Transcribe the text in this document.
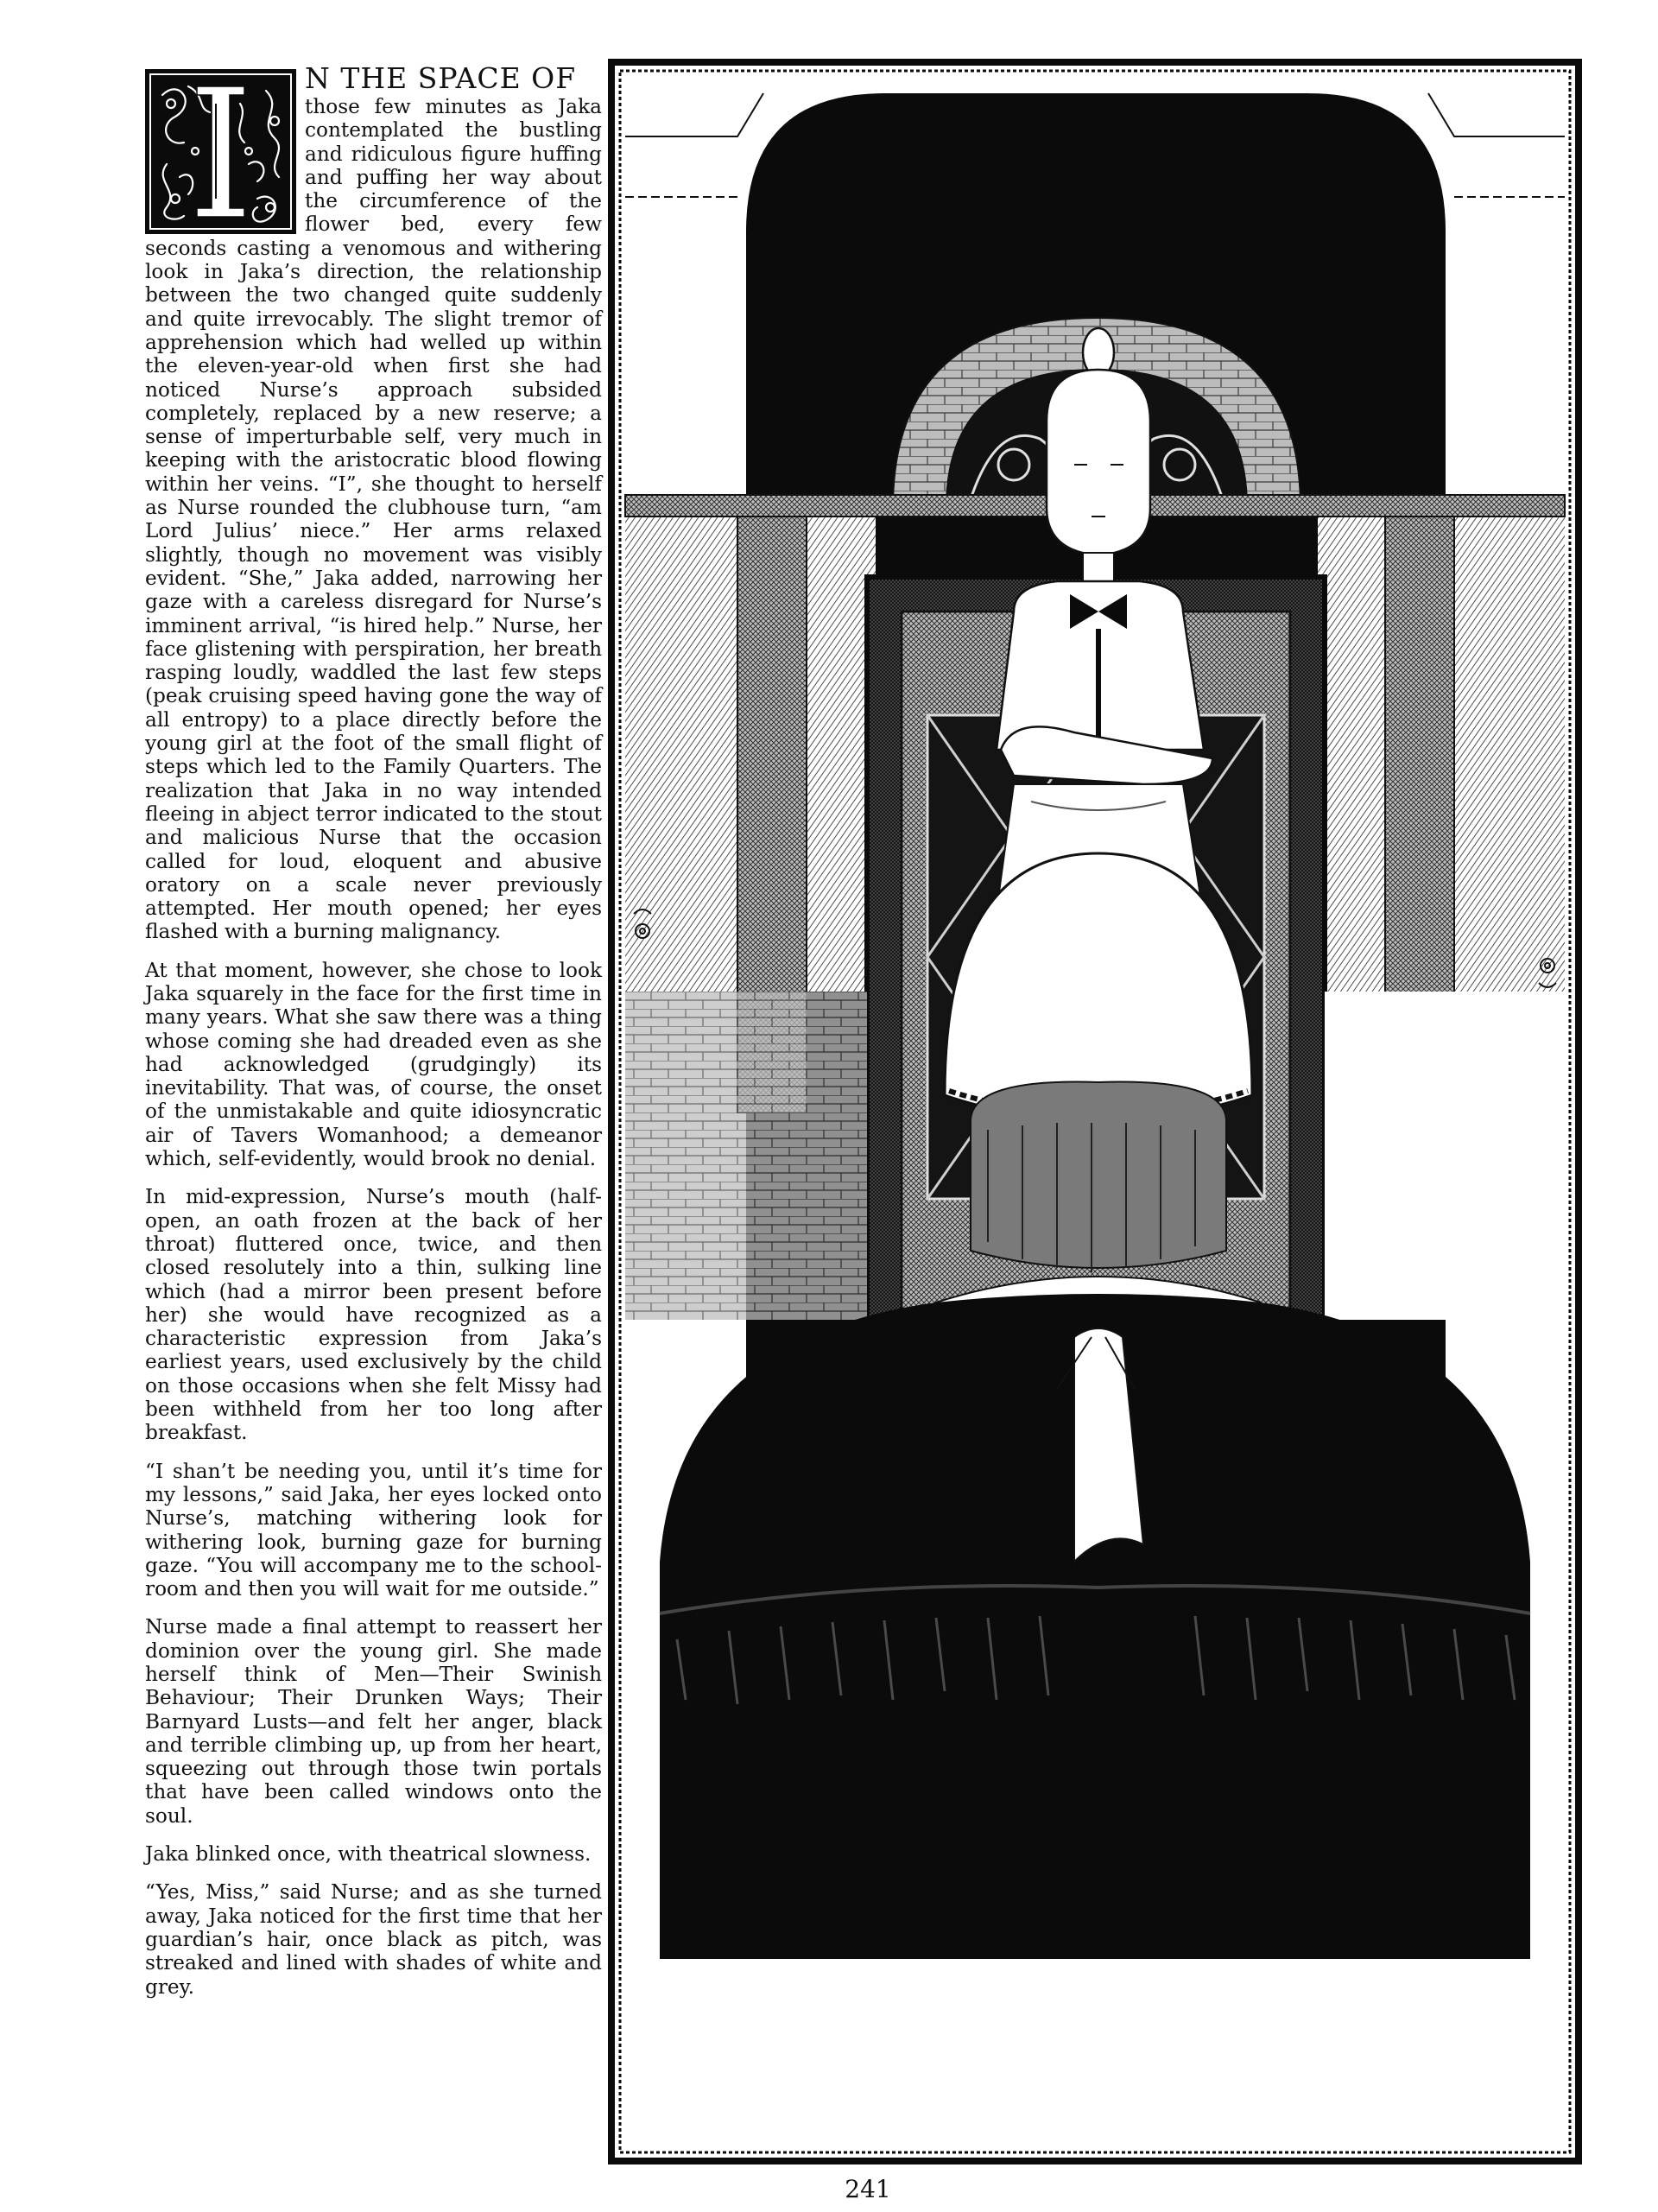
N THE SPACE OF those few minutes as Jaka contemplated the bustling and ridiculous figure huffing and puffing her way about the circumference of the flower bed, every few seconds casting a venomous and withering look in Jaka’s direction, the relationship between the two changed quite suddenly and quite irrevocably. The slight tremor of apprehension which had welled up within the eleven-year-old when first she had noticed Nurse’s approach subsided completely, replaced by a new reserve; a sense of imperturbable self, very much in keeping with the aristocratic blood flowing within her veins. “I”, she thought to herself as Nurse rounded the clubhouse turn, “am Lord Julius’ niece.” Her arms relaxed slightly, though no movement was visibly evident. “She,” Jaka added, narrowing her gaze with a careless disregard for Nurse’s imminent arrival, “is hired help.” Nurse, her face glistening with perspiration, her breath rasping loudly, waddled the last few steps (peak cruising speed having gone the way of all entropy) to a place directly before the young girl at the foot of the small flight of steps which led to the Family Quarters. The realization that Jaka in no way intended fleeing in abject terror indicated to the stout and malicious Nurse that the occasion called for loud, eloquent and abusive oratory on a scale never previously attempted. Her mouth opened; her eyes flashed with a burning malignancy.

At that moment, however, she chose to look Jaka squarely in the face for the first time in many years. What she saw there was a thing whose coming she had dreaded even as she had acknowledged (grudgingly) its inevitability. That was, of course, the onset of the unmistakable and quite idiosyncratic air of Tavers Womanhood; a demeanor which, self-evidently, would brook no denial.

In mid-expression, Nurse’s mouth (half-open, an oath frozen at the back of her throat) fluttered once, twice, and then closed resolutely into a thin, sulking line which (had a mirror been present before her) she would have recognized as a characteristic expression from Jaka’s earliest years, used exclusively by the child on those occasions when she felt Missy had been withheld from her too long after breakfast.

“I shan’t be needing you, until it’s time for my lessons,” said Jaka, her eyes locked onto Nurse’s, matching withering look for withering look, burning gaze for burning gaze. “You will accompany me to the school-room and then you will wait for me outside.”

Nurse made a final attempt to reassert her dominion over the young girl. She made herself think of Men—Their Swinish Behaviour; Their Drunken Ways; Their Barnyard Lusts—and felt her anger, black and terrible climbing up, up from her heart, squeezing out through those twin portals that have been called windows onto the soul.

Jaka blinked once, with theatrical slowness.

“Yes, Miss,” said Nurse; and as she turned away, Jaka noticed for the first time that her guardian’s hair, once black as pitch, was streaked and lined with shades of white and grey.

241
